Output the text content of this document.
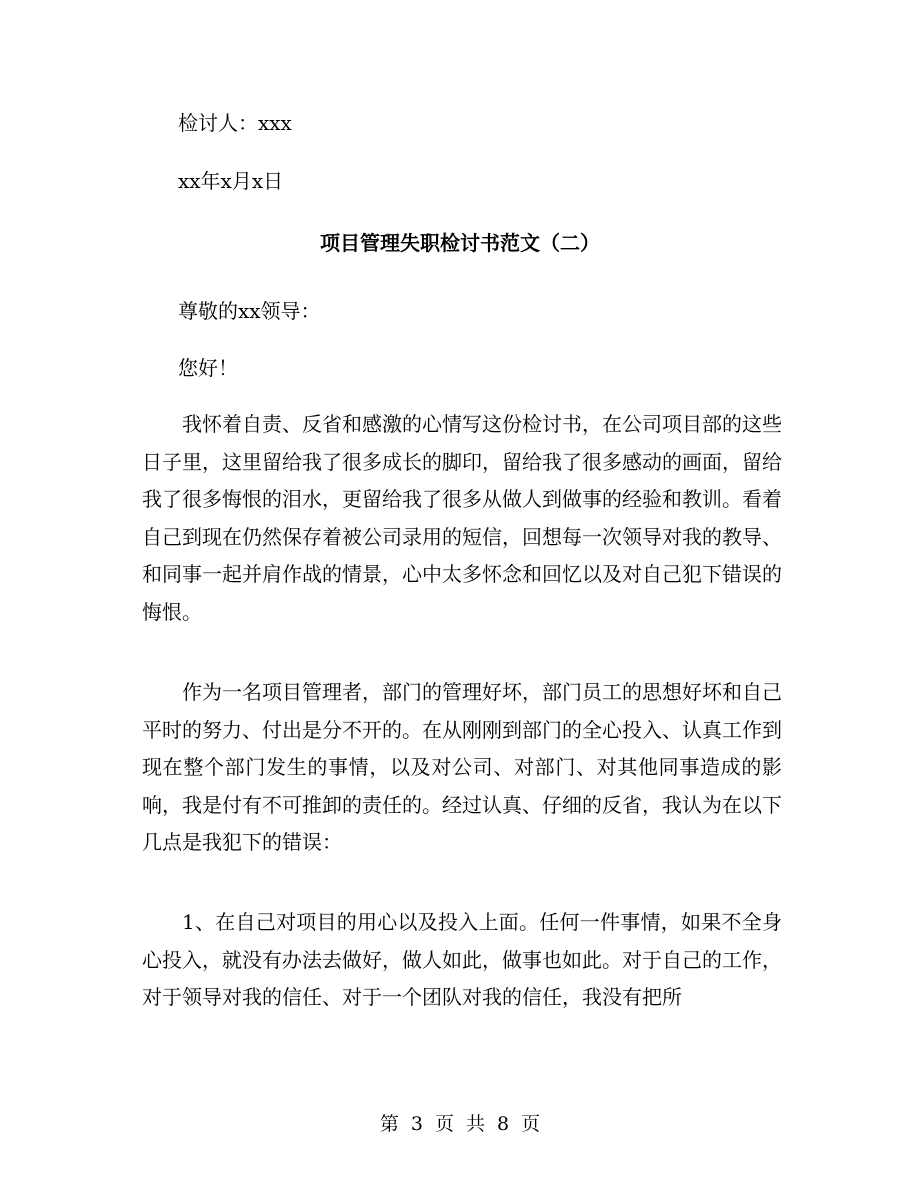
检讨人：xxx
xx年x月x日
项目管理失职检讨书范文（二）
尊敬的xx领导：
您好！

我怀着自责、反省和感激的心情写这份检讨书，在公司项目部的这些日子里，这里留给我了很多成长的脚印，留给我了很多感动的画面，留给我了很多悔恨的泪水，更留给我了很多从做人到做事的经验和教训。看着自己到现在仍然保存着被公司录用的短信，回想每一次领导对我的教导、和同事一起并肩作战的情景，心中太多怀念和回忆以及对自己犯下错误的悔恨。

作为一名项目管理者，部门的管理好坏，部门员工的思想好坏和自己平时的努力、付出是分不开的。在从刚刚到部门的全心投入、认真工作到现在整个部门发生的事情，以及对公司、对部门、对其他同事造成的影响，我是付有不可推卸的责任的。经过认真、仔细的反省，我认为在以下几点是我犯下的错误：

1、在自己对项目的用心以及投入上面。任何一件事情，如果不全身心投入，就没有办法去做好，做人如此，做事也如此。对于自己的工作，对于领导对我的信任、对于一个团队对我的信任，我没有把所

第 3 页 共 8 页
